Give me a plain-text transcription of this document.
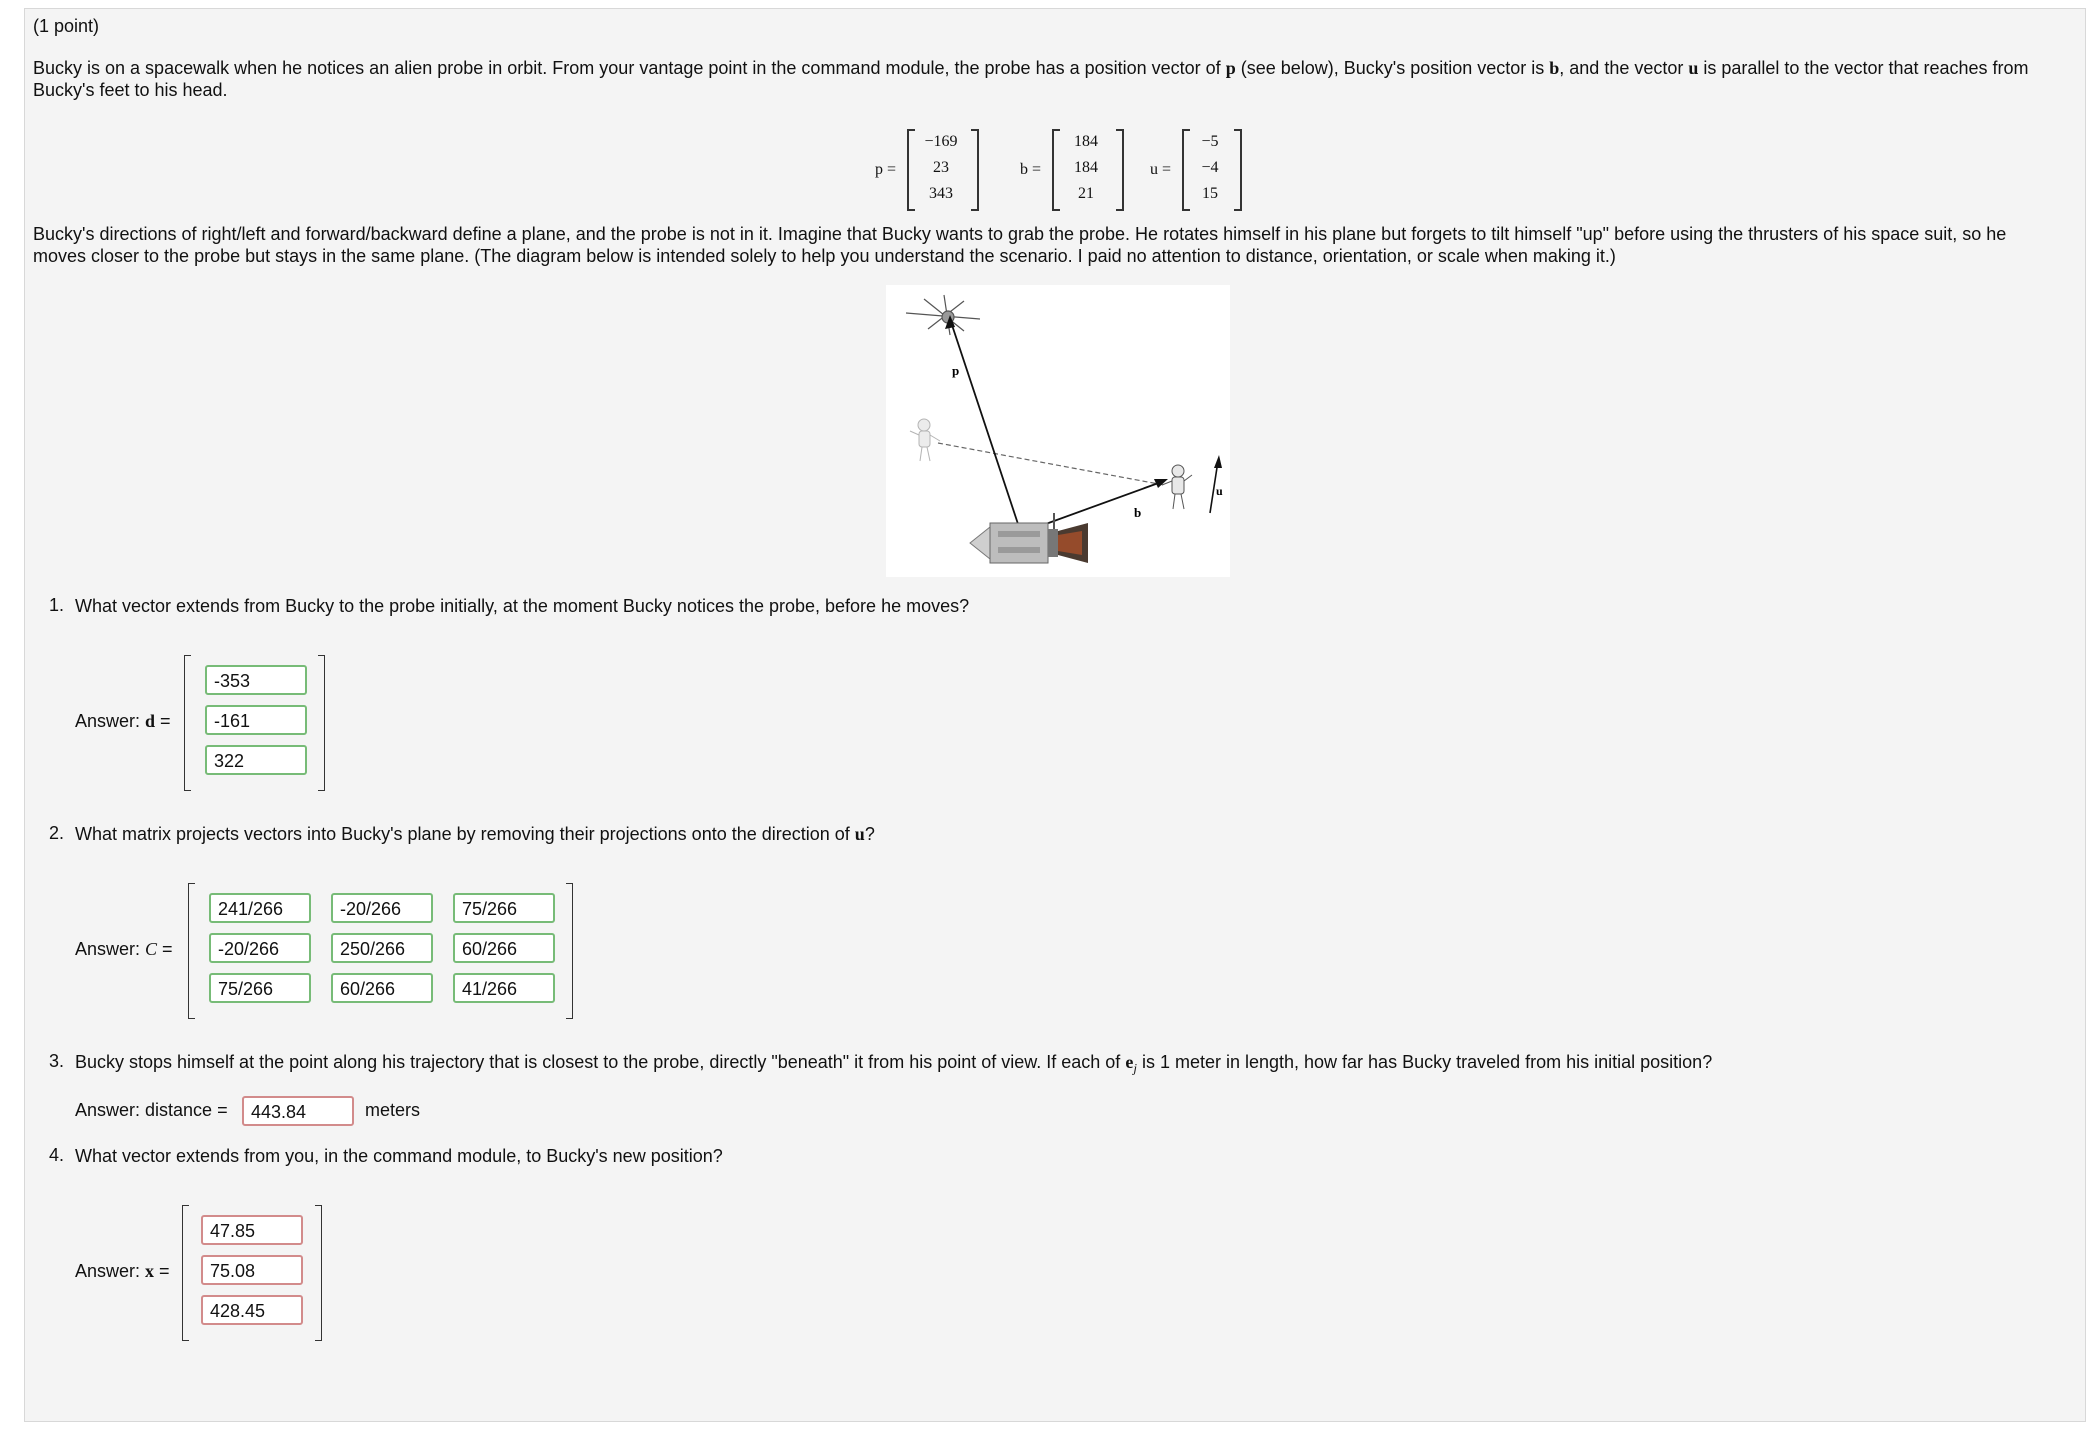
(1 point)
Bucky is on a spacewalk when he notices an alien probe in orbit. From your vantage point in the command module, the probe has a position vector of p (see below), Bucky's position vector is b, and the vector u is parallel to the vector that reaches from
Bucky's feet to his head.
p =
−169
23
343
b =
184
184
21
u =
−5
−4
15
Bucky's directions of right/left and forward/backward define a plane, and the probe is not in it. Imagine that Bucky wants to grab the probe. He rotates himself in his plane but forgets to tilt himself "up" before using the thrusters of his space suit, so he
moves closer to the probe but stays in the same plane. (The diagram below is intended solely to help you understand the scenario. I paid no attention to distance, orientation, or scale when making it.)
p
b
u
1. What vector extends from Bucky to the probe initially, at the moment Bucky notices the probe, before he moves?
Answer: d =
-353
-161
322
2. What matrix projects vectors into Bucky's plane by removing their projections onto the direction of u?
Answer: C =
241/266	-20/266	75/266
-20/266	250/266	60/266
75/266	60/266	41/266
3. Bucky stops himself at the point along his trajectory that is closest to the probe, directly "beneath" it from his point of view. If each of $e_j$ is 1 meter in length, how far has Bucky traveled from his initial position?
Answer: distance =	443.84	meters
4. What vector extends from you, in the command module, to Bucky's new position?
Answer: x =
47.85
75.08
428.45
